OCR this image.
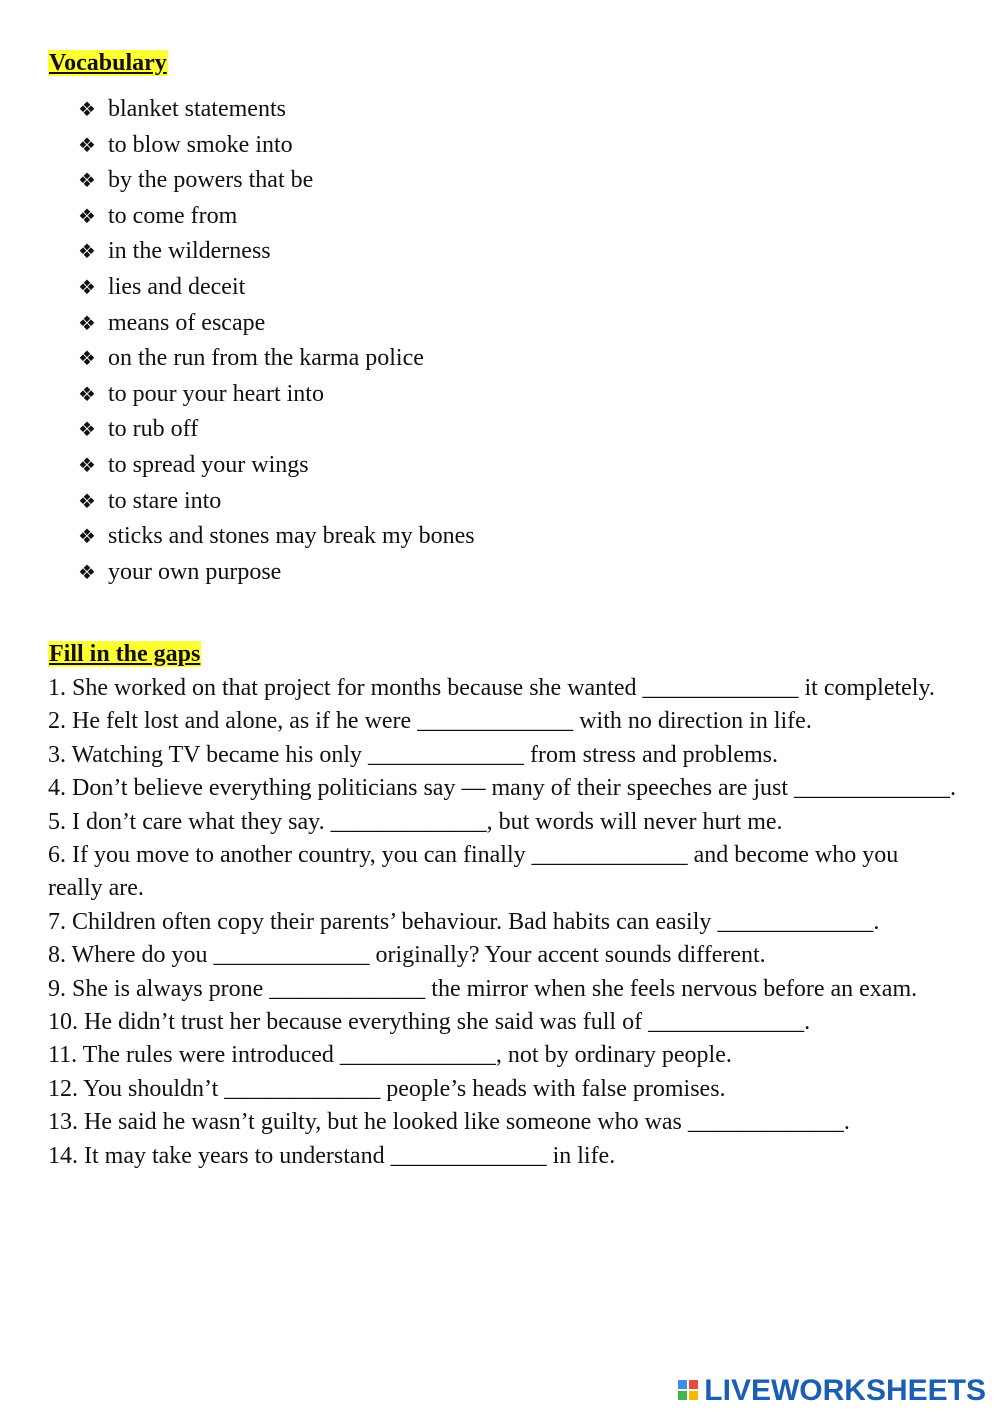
Vocabulary
❖ blanket statements
❖ to blow smoke into
❖ by the powers that be
❖ to come from
❖ in the wilderness
❖ lies and deceit
❖ means of escape
❖ on the run from the karma police
❖ to pour your heart into
❖ to rub off
❖ to spread your wings
❖ to stare into
❖ sticks and stones may break my bones
❖ your own purpose
Fill in the gaps
1. She worked on that project for months because she wanted _____________ it completely.
2. He felt lost and alone, as if he were _____________ with no direction in life.
3. Watching TV became his only _____________ from stress and problems.
4. Don’t believe everything politicians say — many of their speeches are just _____________.
5. I don’t care what they say. _____________, but words will never hurt me.
6. If you move to another country, you can finally _____________ and become who you really are.
7. Children often copy their parents’ behaviour. Bad habits can easily _____________.
8. Where do you _____________ originally? Your accent sounds different.
9. She is always prone _____________ the mirror when she feels nervous before an exam.
10. He didn’t trust her because everything she said was full of _____________.
11. The rules were introduced _____________, not by ordinary people.
12. You shouldn’t _____________ people’s heads with false promises.
13. He said he wasn’t guilty, but he looked like someone who was _____________.
14. It may take years to understand _____________ in life.
LIVEWORKSHEETS
